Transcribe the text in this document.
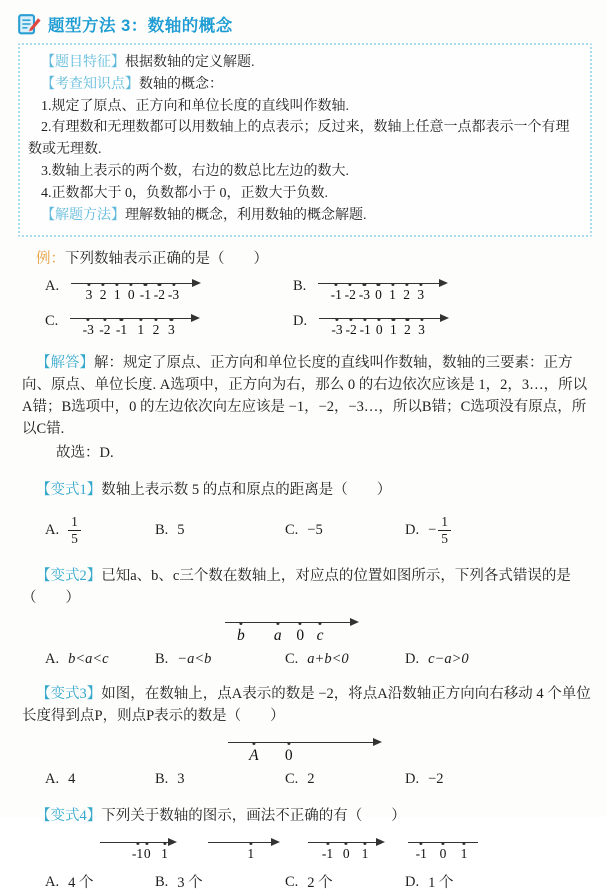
题型方法 3：数轴的概念

【题目特征】根据数轴的定义解题.

【考查知识点】数轴的概念：

1.规定了原点、正方向和单位长度的直线叫作数轴.

2.有理数和无理数都可以用数轴上的点表示；反过来，数轴上任意一点都表示一个有理数或无理数.

3.数轴上表示的两个数，右边的数总比左边的数大.

4.正数都大于 0，负数都小于 0，正数大于负数.

【解题方法】理解数轴的概念，利用数轴的概念解题.

例：下列数轴表示正确的是（　　）

A.
3 2 1 0 -1 -2 -3
B.
-1 -2 -3 0 1 2 3
C.
-3 -2 -1 1 2 3
D.
-3 -2 -1 0 1 2 3

【解答】解：规定了原点、正方向和单位长度的直线叫作数轴，数轴的三要素：正方向、原点、单位长度. A选项中，正方向为右，那么 0 的右边依次应该是 1，2，3…，所以A错；B选项中，0 的左边依次向左应该是 −1，−2，−3…，所以B错；C选项没有原点，所以C错.

故选：D.

【变式1】数轴上表示数 5 的点和原点的距离是（　　）

A. $\frac{1}{5}$	B. 5	C. −5	D. − $\frac{1}{5}$

【变式2】已知a、b、c三个数在数轴上，对应点的位置如图所示，下列各式错误的是（　　）

b a 0 c
A. b<a<c	B. −a<b	C. a+b<0	D. c−a>0

【变式3】如图，在数轴上，点A表示的数是 −2，将点A沿数轴正方向向右移动 4 个单位长度得到点P，则点P表示的数是（　　）

A 0
A. 4	B. 3	C. 2	D. −2

【变式4】下列关于数轴的图示，画法不正确的有（　　）

-1 0 1	1	-1 0 1	-1 0 1
A. 4 个	B. 3 个	C. 2 个	D. 1 个
